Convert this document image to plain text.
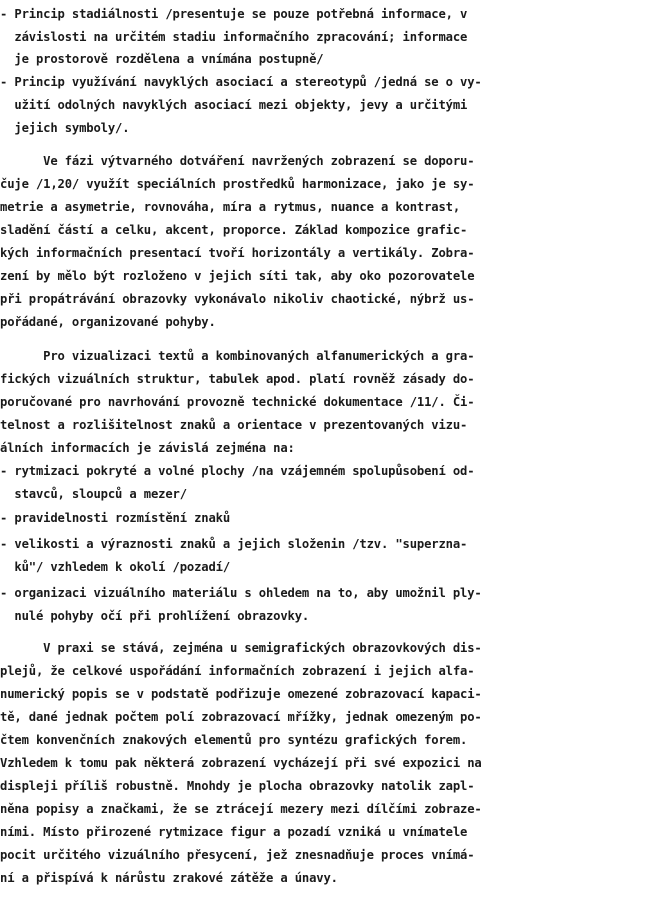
- Princip stadiálnosti /presentuje se pouze potřebná informace, v
závislosti na určitém stadiu informačního zpracování; informace
je prostorově rozdělena a vnímána postupně/
- Princip využívání navyklých asociací a stereotypů /jedná se o vy-
užití odolných navyklých asociací mezi objekty, jevy a určitými
jejich symboly/.
Ve fázi výtvarného dotváření navržených zobrazení se doporu-
čuje /1,20/ využít speciálních prostředků harmonizace, jako je sy-
metrie a asymetrie, rovnováha, míra a rytmus, nuance a kontrast,
sladění částí a celku, akcent, proporce. Základ kompozice grafic-
kých informačních presentací tvoří horizontály a vertikály. Zobra-
zení by mělo být rozloženo v jejich síti tak, aby oko pozorovatele
při propátrávání obrazovky vykonávalo nikoliv chaotické, nýbrž us-
pořádané, organizované pohyby.
Pro vizualizaci textů a kombinovaných alfanumerických a gra-
fických vizuálních struktur, tabulek apod. platí rovněž zásady do-
poručované pro navrhování provozně technické dokumentace /11/. Či-
telnost a rozlišitelnost znaků a orientace v prezentovaných vizu-
álních informacích je závislá zejména na:
- rytmizaci pokryté a volné plochy /na vzájemném spolupůsobení od-
stavců, sloupců a mezer/
- pravidelnosti rozmístění znaků
- velikosti a výraznosti znaků a jejich složenin /tzv. "superzna-
ků"/ vzhledem k okolí /pozadí/
- organizaci vizuálního materiálu s ohledem na to, aby umožnil ply-
nulé pohyby očí při prohlížení obrazovky.
V praxi se stává, zejména u semigrafických obrazovkových dis-
plejů, že celkové uspořádání informačních zobrazení i jejich alfa-
numerický popis se v podstatě podřizuje omezené zobrazovací kapaci-
tě, dané jednak počtem polí zobrazovací mřížky, jednak omezeným po-
čtem konvenčních znakových elementů pro syntézu grafických forem.
Vzhledem k tomu pak některá zobrazení vycházejí při své expozici na
displeji příliš robustně. Mnohdy je plocha obrazovky natolik zapl-
něna popisy a značkami, že se ztrácejí mezery mezi dílčími zobraze-
ními. Místo přirozené rytmizace figur a pozadí vzniká u vnímatele
pocit určitého vizuálního přesycení, jež znesnadňuje proces vnímá-
ní a přispívá k nárůstu zrakové zátěže a únavy.
